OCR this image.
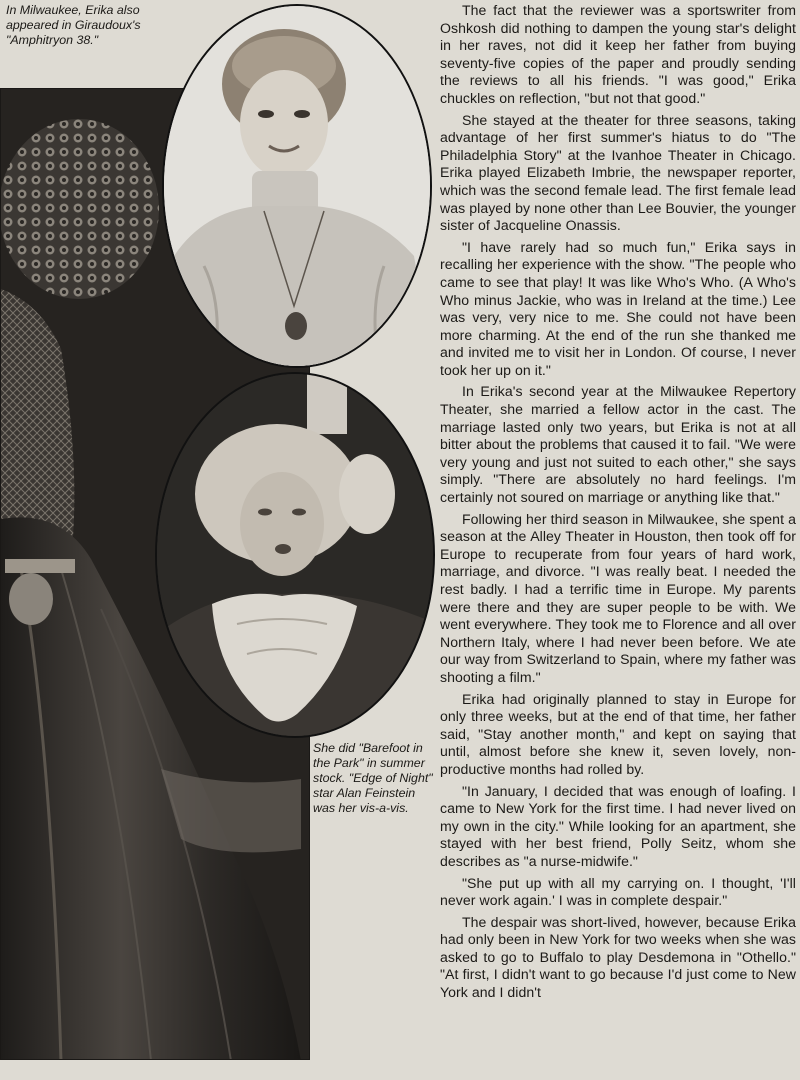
In Milwaukee, Erika also appeared in Giraudoux's "Amphitryon 38."

She did "Barefoot in the Park" in summer stock. "Edge of Night" star Alan Feinstein was her vis-a-vis.

The fact that the reviewer was a sportswriter from Oshkosh did nothing to dampen the young star's delight in her raves, not did it keep her father from buying seventy-five copies of the paper and proudly sending the reviews to all his friends. "I was good," Erika chuckles on reflection, "but not that good."

She stayed at the theater for three seasons, taking advantage of her first summer's hiatus to do "The Philadelphia Story" at the Ivanhoe Theater in Chicago. Erika played Elizabeth Imbrie, the newspaper reporter, which was the second female lead. The first female lead was played by none other than Lee Bouvier, the younger sister of Jacqueline Onassis.

"I have rarely had so much fun," Erika says in recalling her experience with the show. "The people who came to see that play! It was like Who's Who. (A Who's Who minus Jackie, who was in Ireland at the time.) Lee was very, very nice to me. She could not have been more charming. At the end of the run she thanked me and invited me to visit her in London. Of course, I never took her up on it."

In Erika's second year at the Milwaukee Repertory Theater, she married a fellow actor in the cast. The marriage lasted only two years, but Erika is not at all bitter about the problems that caused it to fail. "We were very young and just not suited to each other," she says simply. "There are absolutely no hard feelings. I'm certainly not soured on marriage or anything like that."

Following her third season in Milwaukee, she spent a season at the Alley Theater in Houston, then took off for Europe to recuperate from four years of hard work, marriage, and divorce. "I was really beat. I needed the rest badly. I had a terrific time in Europe. My parents were there and they are super people to be with. We went everywhere. They took me to Florence and all over Northern Italy, where I had never been before. We ate our way from Switzerland to Spain, where my father was shooting a film."

Erika had originally planned to stay in Europe for only three weeks, but at the end of that time, her father said, "Stay another month," and kept on saying that until, almost before she knew it, seven lovely, non-productive months had rolled by.

"In January, I decided that was enough of loafing. I came to New York for the first time. I had never lived on my own in the city." While looking for an apartment, she stayed with her best friend, Polly Seitz, whom she describes as "a nurse-midwife."

"She put up with all my carrying on. I thought, 'I'll never work again.' I was in complete despair."

The despair was short-lived, however, because Erika had only been in New York for two weeks when she was asked to go to Buffalo to play Desdemona in "Othello." "At first, I didn't want to go because I'd just come to New York and I didn't
